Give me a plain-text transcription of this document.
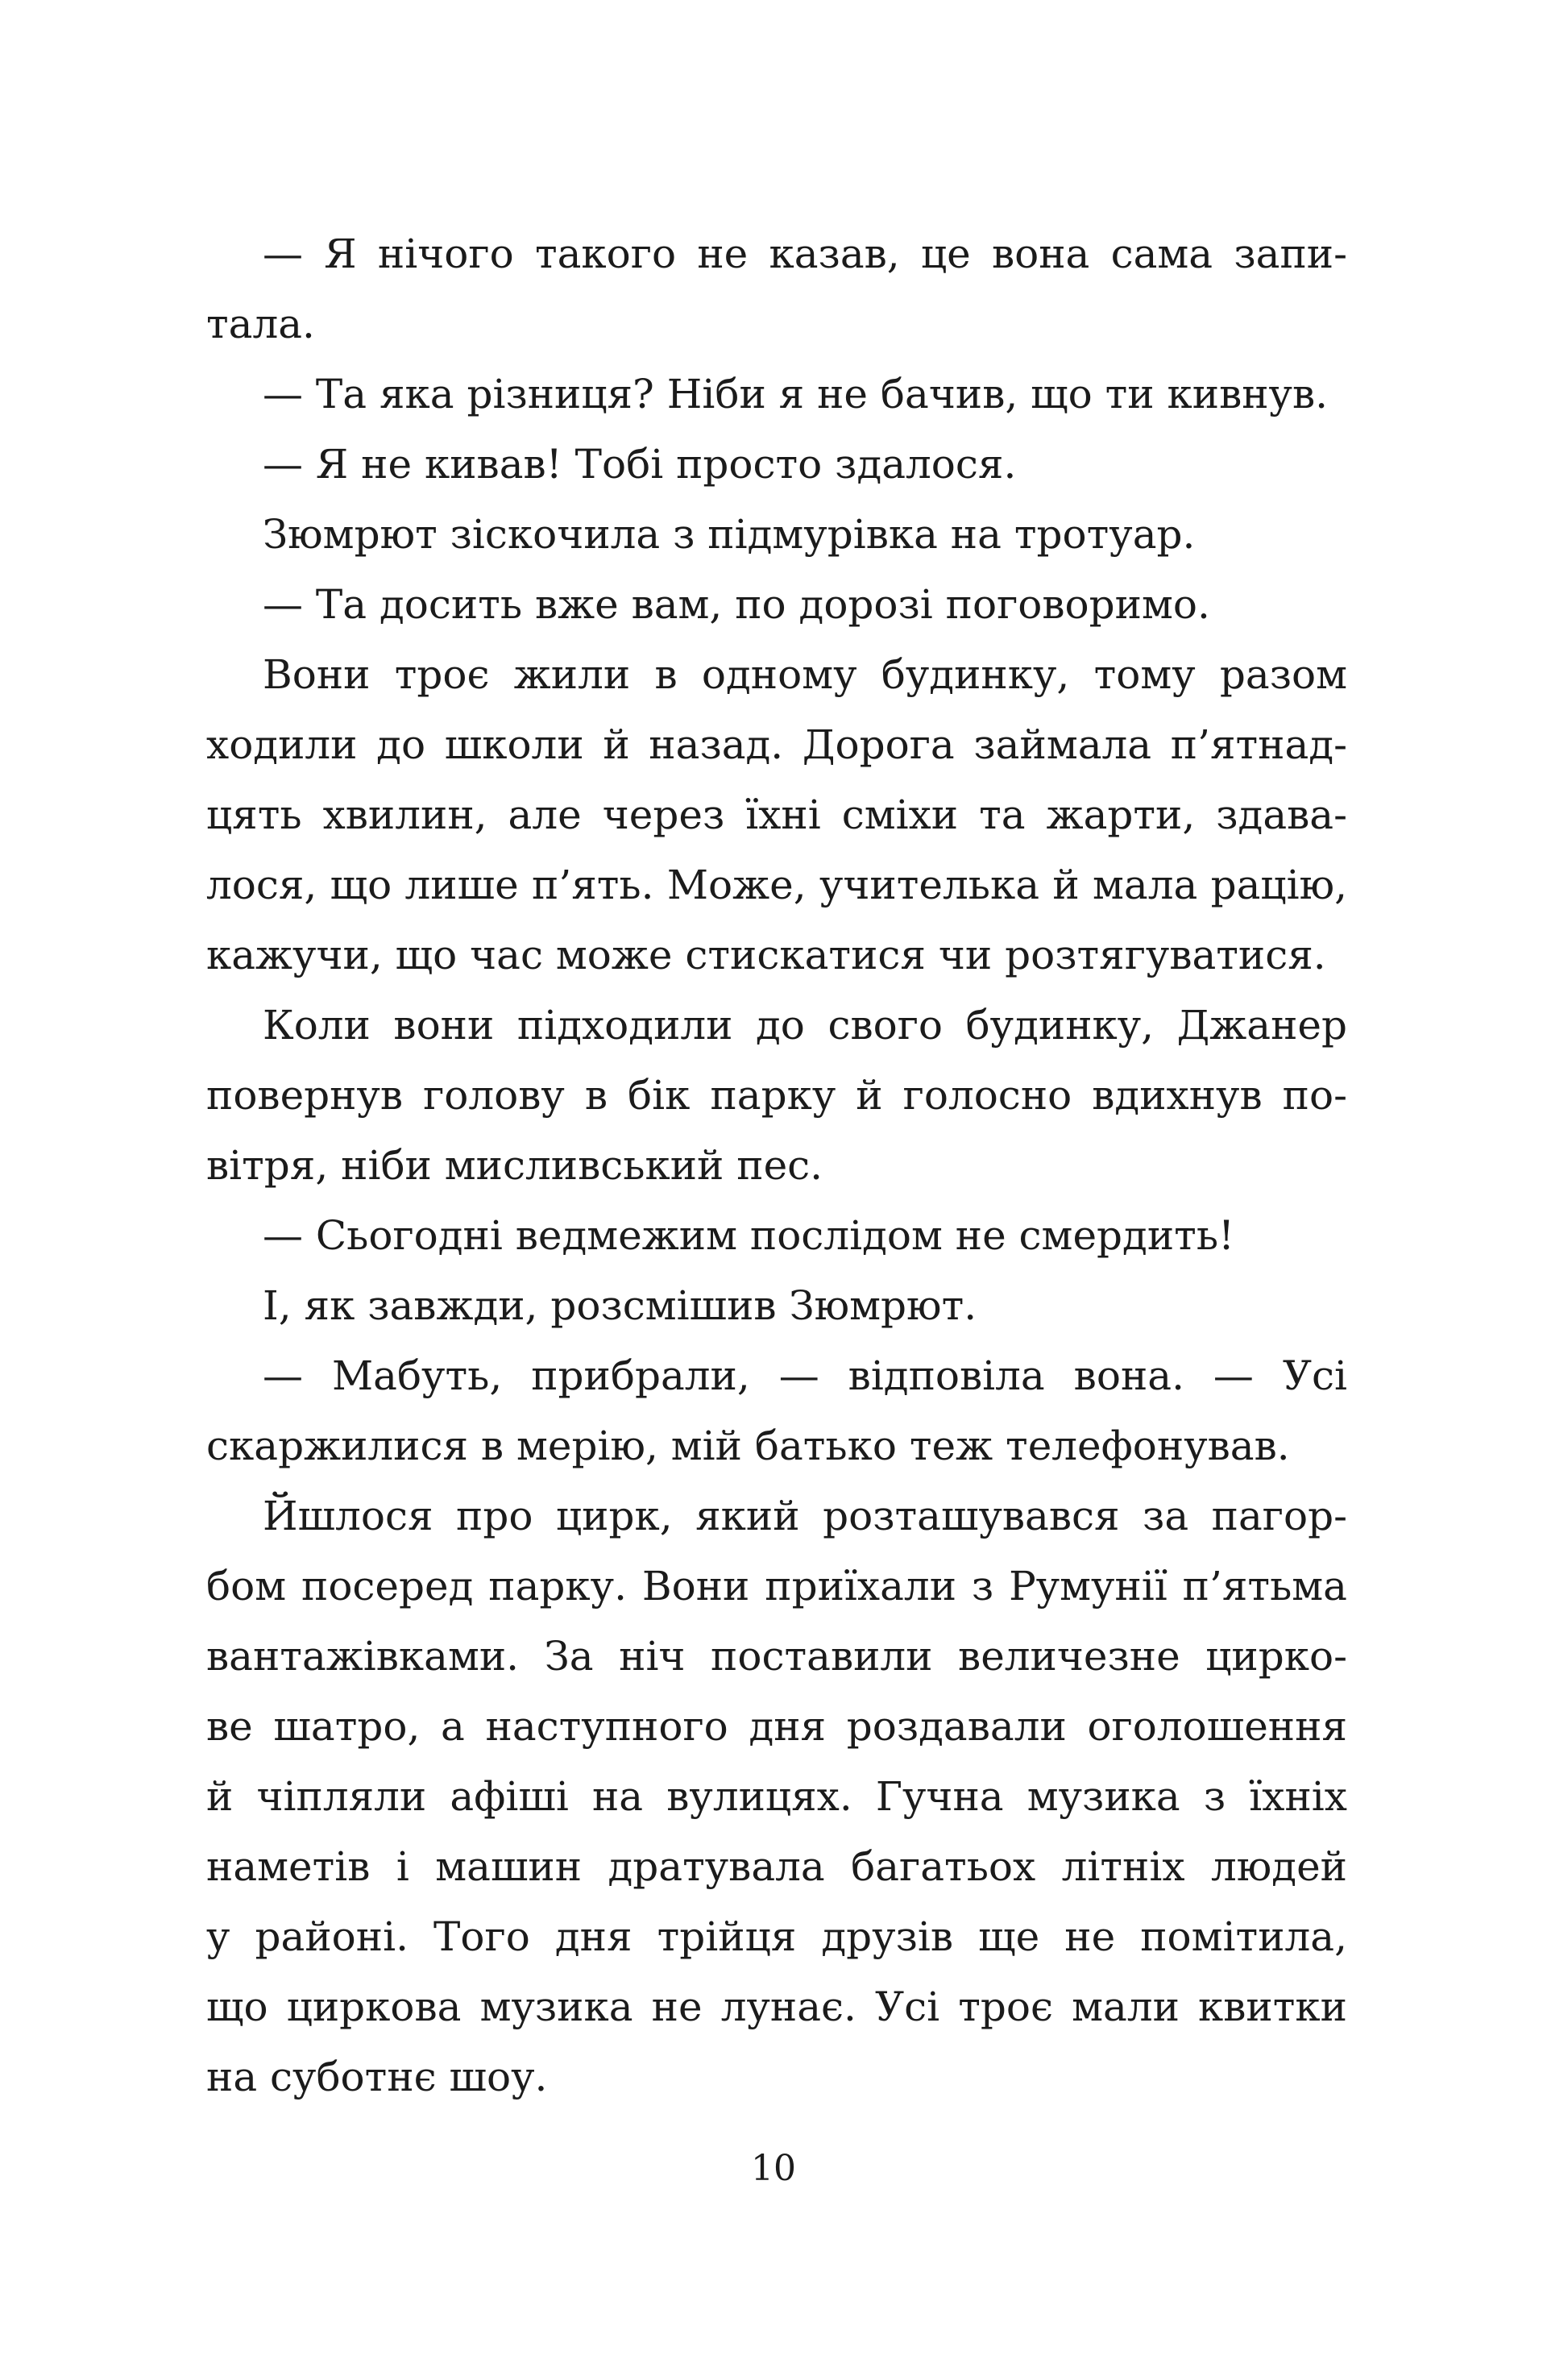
— Я нічого такого не казав, це вона сама запи-
тала.
— Та яка різниця? Ніби я не бачив, що ти кивнув.
— Я не кивав! Тобі просто здалося.
Зюмрют зіскочила з підмурівка на тротуар.
— Та досить вже вам, по дорозі поговоримо.
Вони троє жили в одному будинку, тому разом
ходили до школи й назад. Дорога займала п’ятнад-
цять хвилин, але через їхні сміхи та жарти, здава-
лося, що лише п’ять. Може, учителька й мала рацію,
кажучи, що час може стискатися чи розтягуватися.
Коли вони підходили до свого будинку, Джанер
повернув голову в бік парку й голосно вдихнув по-
вітря, ніби мисливський пес.
— Сьогодні ведмежим послідом не смердить!
І, як завжди, розсмішив Зюмрют.
— Мабуть, прибрали, — відповіла вона. — Усі
скаржилися в мерію, мій батько теж телефонував.
Йшлося про цирк, який розташувався за пагор-
бом посеред парку. Вони приїхали з Румунії п’ятьма
вантажівками. За ніч поставили величезне цирко-
ве шатро, а наступного дня роздавали оголошення
й чіпляли афіші на вулицях. Гучна музика з їхніх
наметів і машин дратувала багатьох літніх людей
у районі. Того дня трійця друзів ще не помітила,
що циркова музика не лунає. Усі троє мали квитки
на суботнє шоу.
10
